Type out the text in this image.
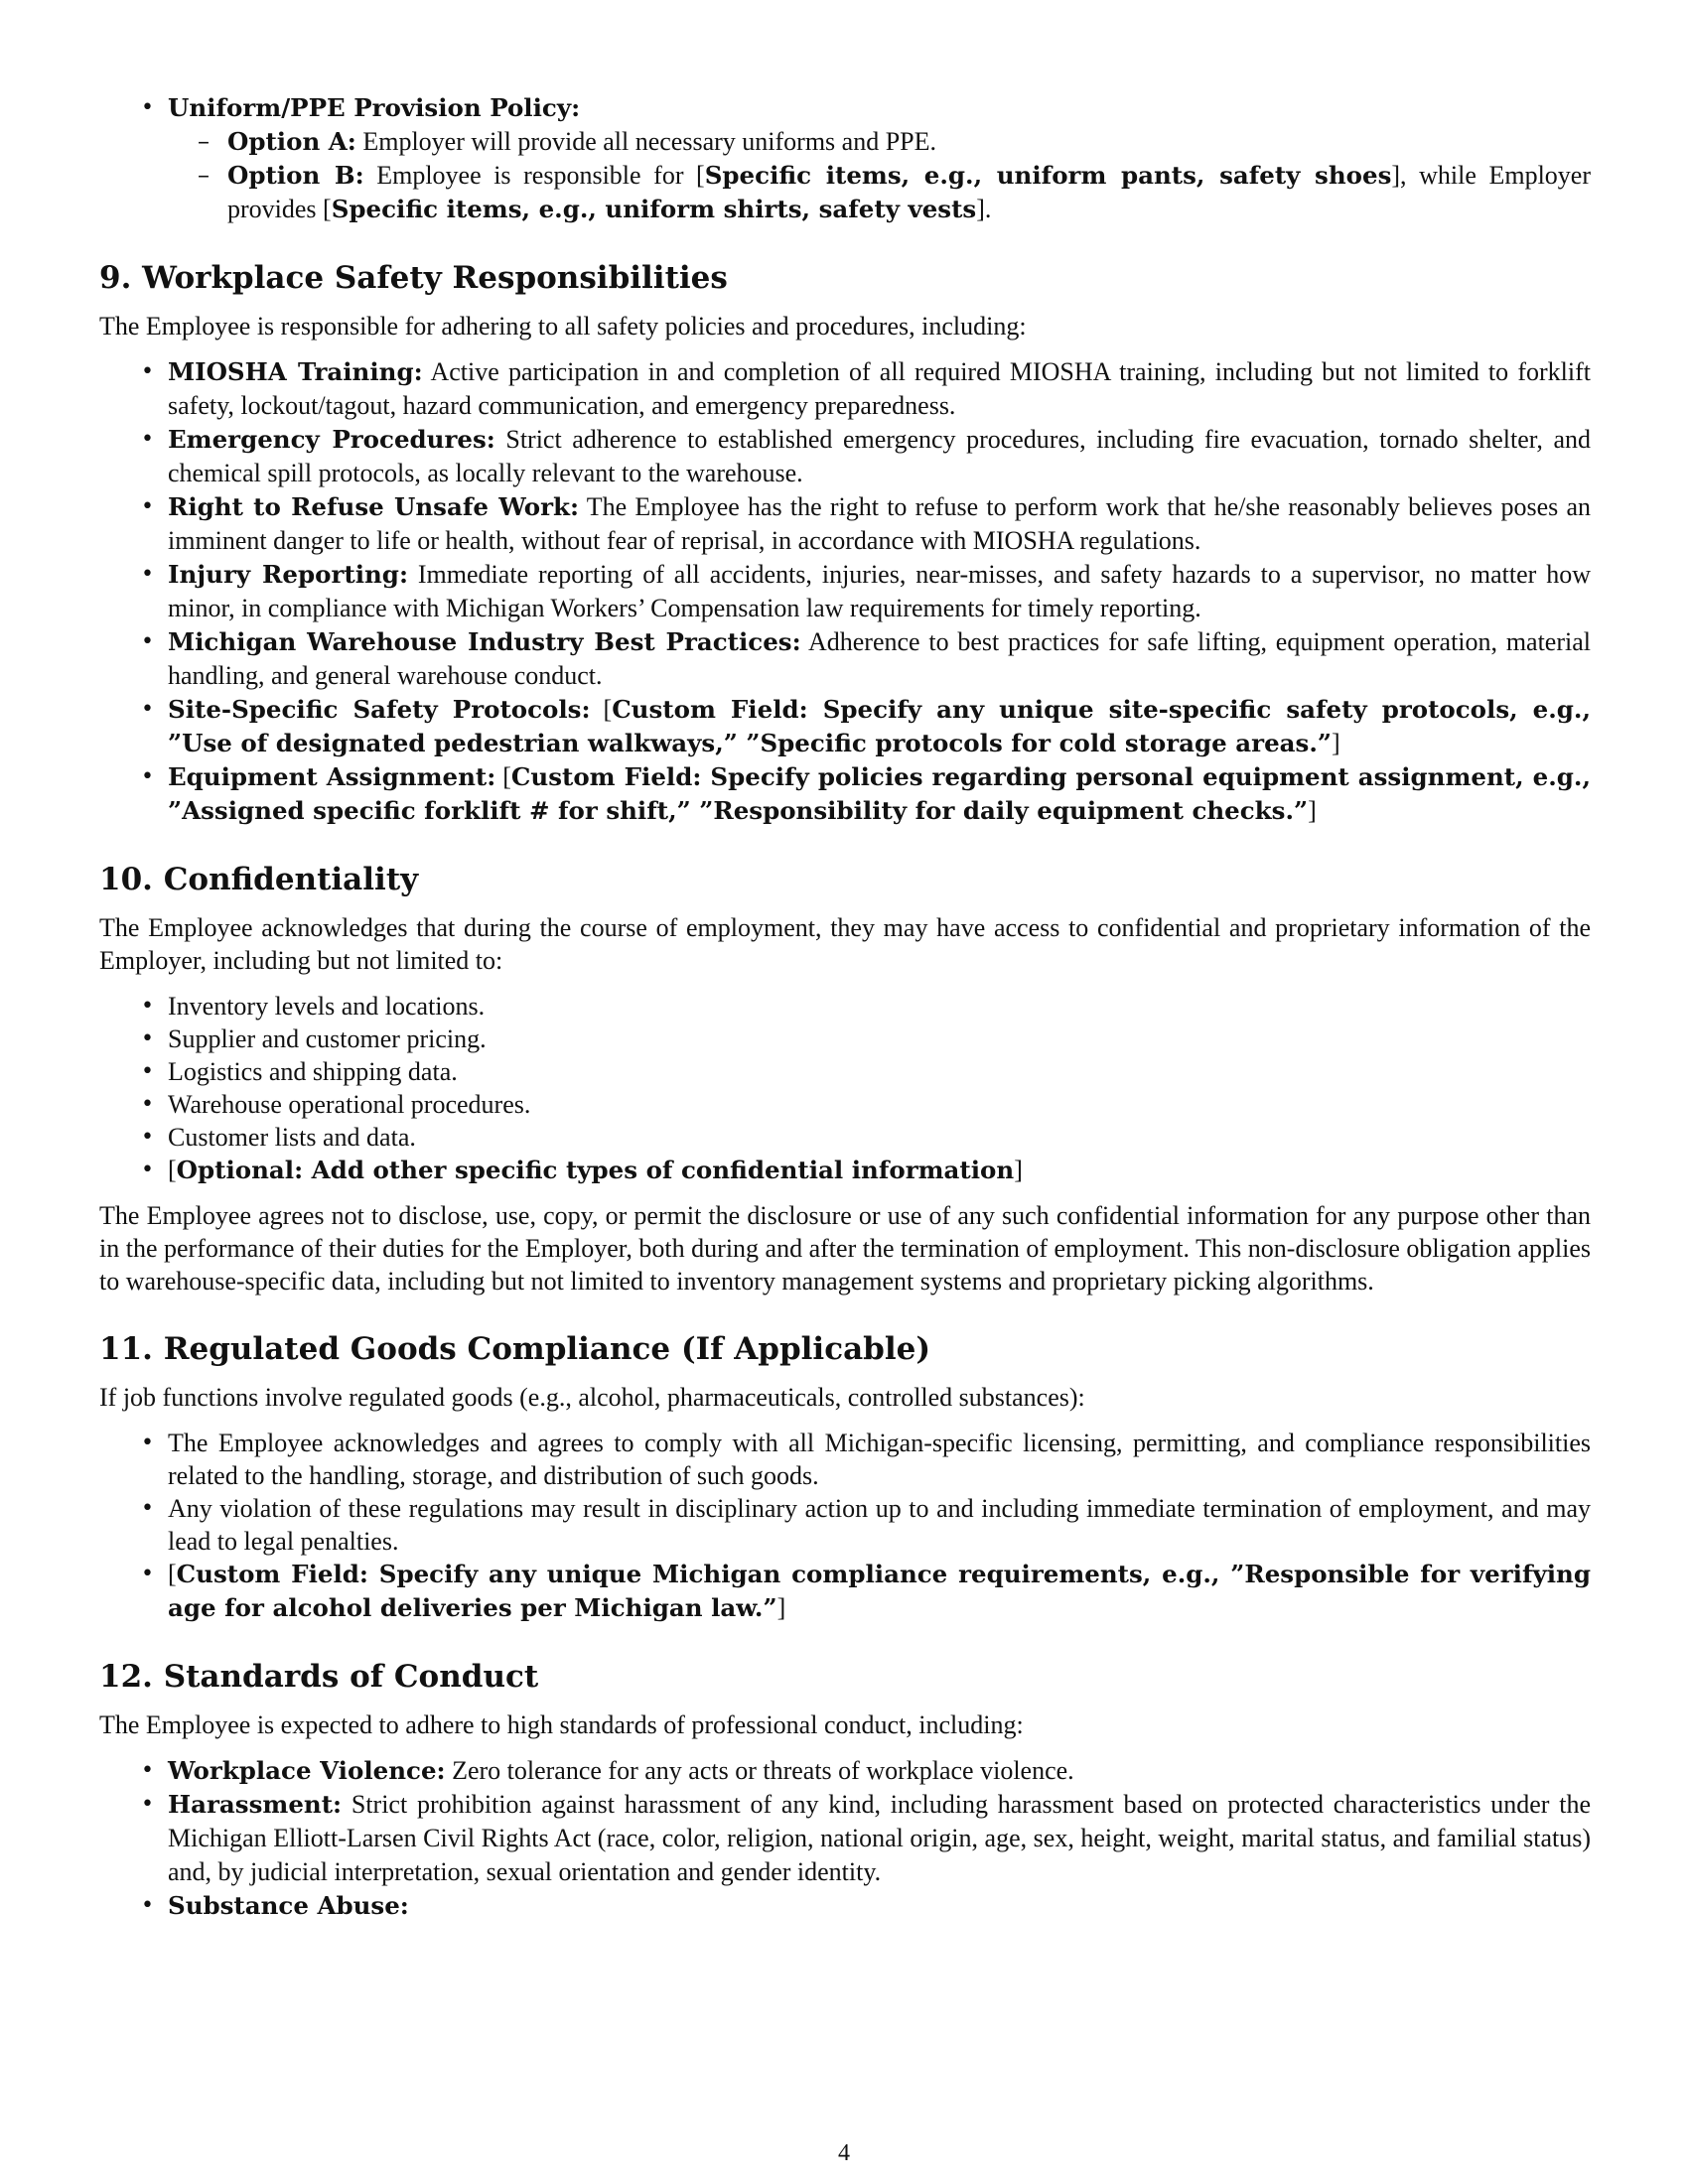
• Uniform/PPE Provision Policy:
– Option A: Employer will provide all necessary uniforms and PPE.
– Option B: Employee is responsible for [Specific items, e.g., uniform pants, safety shoes], while Employer provides [Specific items, e.g., uniform shirts, safety vests].
9. Workplace Safety Responsibilities

The Employee is responsible for adhering to all safety policies and procedures, including:

• MIOSHA Training: Active participation in and completion of all required MIOSHA training, including but not limited to forklift safety, lockout/tagout, hazard communication, and emergency preparedness.
• Emergency Procedures: Strict adherence to established emergency procedures, including fire evacuation, tornado shelter, and chemical spill protocols, as locally relevant to the warehouse.
• Right to Refuse Unsafe Work: The Employee has the right to refuse to perform work that he/she reasonably believes poses an imminent danger to life or health, without fear of reprisal, in accordance with MIOSHA regulations.
• Injury Reporting: Immediate reporting of all accidents, injuries, near-misses, and safety hazards to a supervisor, no matter how minor, in compliance with Michigan Workers’ Compensation law requirements for timely reporting.
• Michigan Warehouse Industry Best Practices: Adherence to best practices for safe lifting, equipment operation, material handling, and general warehouse conduct.
• Site-Specific Safety Protocols: [Custom Field: Specify any unique site-specific safety protocols, e.g., ”Use of designated pedestrian walkways,” ”Specific protocols for cold storage areas.”]
• Equipment Assignment: [Custom Field: Specify policies regarding personal equipment assignment, e.g., ”Assigned specific forklift # for shift,” ”Responsibility for daily equipment checks.”]
10. Confidentiality

The Employee acknowledges that during the course of employment, they may have access to confidential and proprietary information of the Employer, including but not limited to:

• Inventory levels and locations.
• Supplier and customer pricing.
• Logistics and shipping data.
• Warehouse operational procedures.
• Customer lists and data.
• [Optional: Add other specific types of confidential information]

The Employee agrees not to disclose, use, copy, or permit the disclosure or use of any such confidential information for any purpose other than in the performance of their duties for the Employer, both during and after the termination of employment. This non-disclosure obligation applies to warehouse-specific data, including but not limited to inventory management systems and proprietary picking algorithms.

11. Regulated Goods Compliance (If Applicable)

If job functions involve regulated goods (e.g., alcohol, pharmaceuticals, controlled substances):

• The Employee acknowledges and agrees to comply with all Michigan-specific licensing, permitting, and compliance responsibilities related to the handling, storage, and distribution of such goods.
• Any violation of these regulations may result in disciplinary action up to and including immediate termination of employment, and may lead to legal penalties.
• [Custom Field: Specify any unique Michigan compliance requirements, e.g., ”Responsible for verifying age for alcohol deliveries per Michigan law.”]
12. Standards of Conduct

The Employee is expected to adhere to high standards of professional conduct, including:

• Workplace Violence: Zero tolerance for any acts or threats of workplace violence.
• Harassment: Strict prohibition against harassment of any kind, including harassment based on protected characteristics under the Michigan Elliott-Larsen Civil Rights Act (race, color, religion, national origin, age, sex, height, weight, marital status, and familial status) and, by judicial interpretation, sexual orientation and gender identity.
• Substance Abuse:
4
